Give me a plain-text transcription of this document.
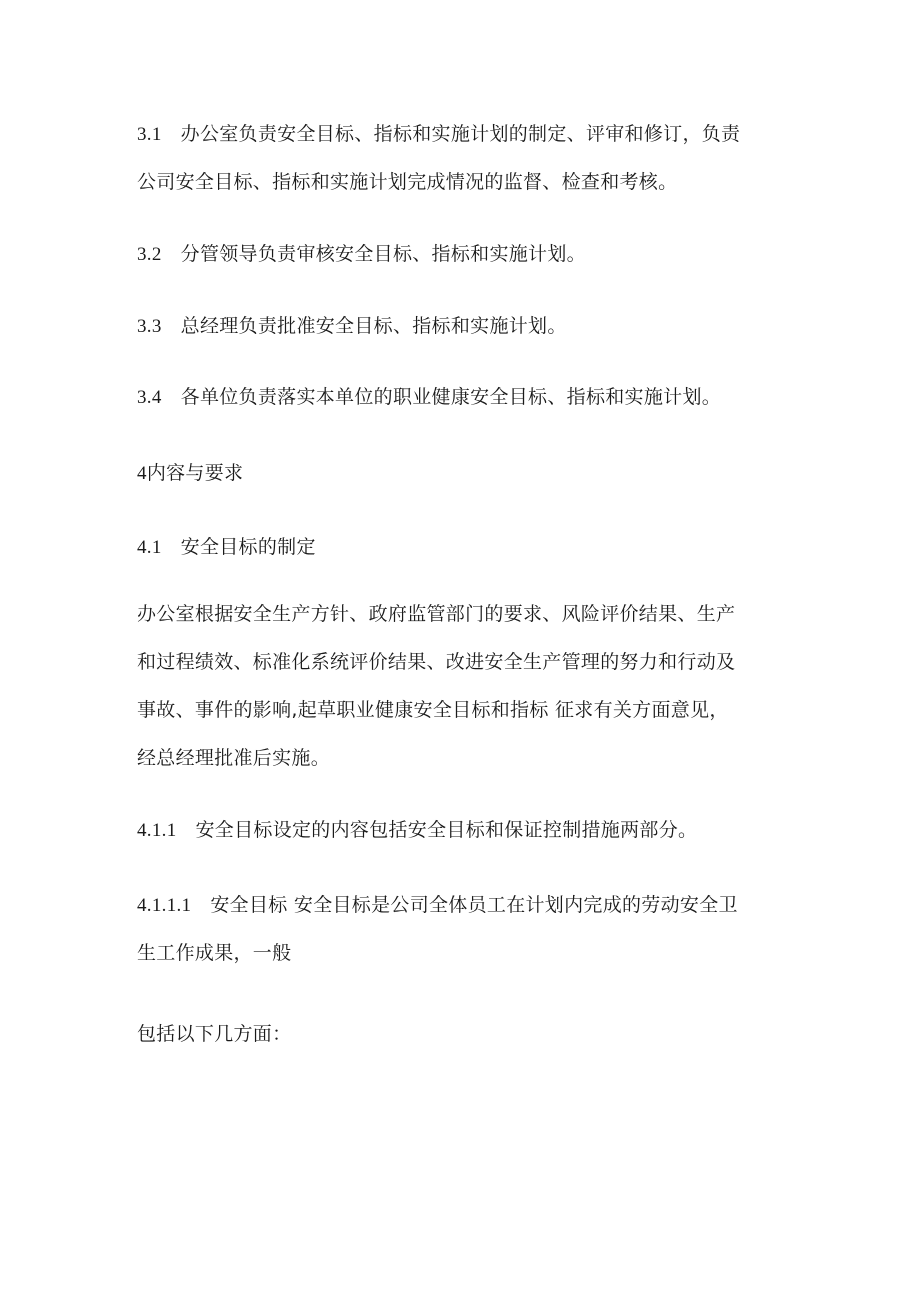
3.1 办公室负责安全目标、指标和实施计划的制定、评审和修订，负责
公司安全目标、指标和实施计划完成情况的监督、检查和考核。
3.2 分管领导负责审核安全目标、指标和实施计划。
3.3 总经理负责批准安全目标、指标和实施计划。
3.4 各单位负责落实本单位的职业健康安全目标、指标和实施计划。
4内容与要求
4.1 安全目标的制定
办公室根据安全生产方针、政府监管部门的要求、风险评价结果、生产
和过程绩效、标准化系统评价结果、改进安全生产管理的努力和行动及
事故、事件的影响,起草职业健康安全目标和指标 征求有关方面意见，
经总经理批准后实施。
4.1.1 安全目标设定的内容包括安全目标和保证控制措施两部分。
4.1.1.1 安全目标 安全目标是公司全体员工在计划内完成的劳动安全卫
生工作成果，一般
包括以下几方面：
